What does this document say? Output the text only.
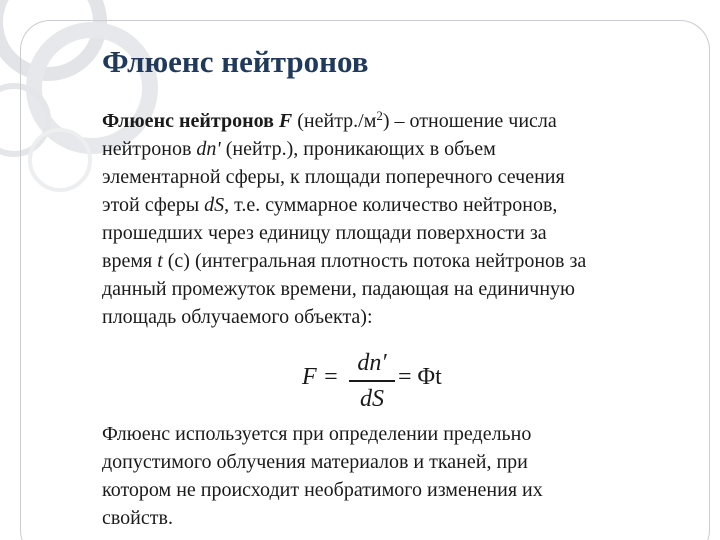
Флюенс нейтронов
Флюенс нейтронов F $(нейтр./м^2)$ – отношение числа
нейтронов dn' (нейтр.), проникающих в объем
элементарной сферы, к площади поперечного сечения
этой сферы dS, т.е. суммарное количество нейтронов,
прошедших через единицу площади поверхности за
время t (с) (интегральная плотность потока нейтронов за
данный промежуток времени, падающая на единичную
площадь облучаемого объекта):
F =
dn′
dS
= Φt
Флюенс используется при определении предельно
допустимого облучения материалов и тканей, при
котором не происходит необратимого изменения их
свойств.
